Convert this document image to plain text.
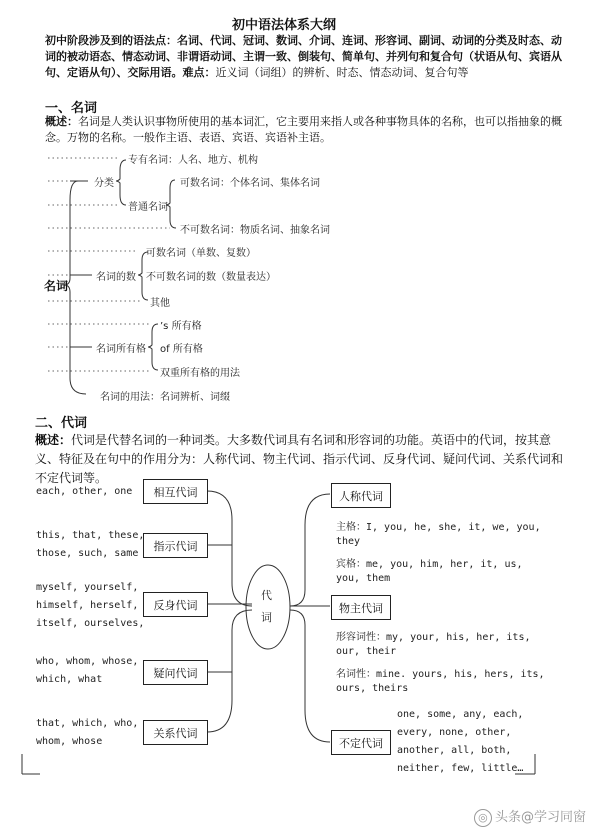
初中语法体系大纲
初中阶段涉及到的语法点：名词、代词、冠词、数词、介词、连词、形容词、副词、动词的分类及时态、动词的被动语态、情态动词、非谓语动词、主谓一致、倒装句、简单句、并列句和复合句（状语从句、宾语从句、定语从句）、交际用语。难点：近义词（词组）的辨析、时态、情态动词、复合句等
一、名词
概述：名词是人类认识事物所使用的基本词汇，它主要用来指人或各种事物具体的名称，也可以指抽象的概念。万物的名称。一般作主语、表语、宾语、宾语补主语。
名词
分类
专有名词：人名、地方、机构
普通名词
可数名词：个体名词、集体名词
不可数名词：物质名词、抽象名词
名词的数
可数名词（单数、复数）
不可数名词的数（数量表达）
其他
名词所有格
’s 所有格
of 所有格
双重所有格的用法
名词的用法：名词辨析、词缀
二、代词
概述：代词是代替名词的一种词类。大多数代词具有名词和形容词的功能。英语中的代词，按其意义、特征及在句中的作用分为：人称代词、物主代词、指示代词、反身代词、疑问代词、关系代词和不定代词等。
代词
相互代词
指示代词
反身代词
疑问代词
关系代词
each, other, one
this, that, these,
those, such, same
myself, yourself,
himself, herself,
itself, ourselves,
who, whom, whose,
which, what
that, which, who,
whom, whose
人称代词
物主代词
不定代词
主格：I, you, he, she, it, we, you,
they
宾格：me, you, him, her, it, us,
you, them
形容词性：my, your, his, her, its,
our, their
名词性：mine. yours, his, hers, its,
ours, theirs
one, some, any, each,
every, none, other,
another, all, both,
neither, few, little…
◎ 头条@学习同窗
